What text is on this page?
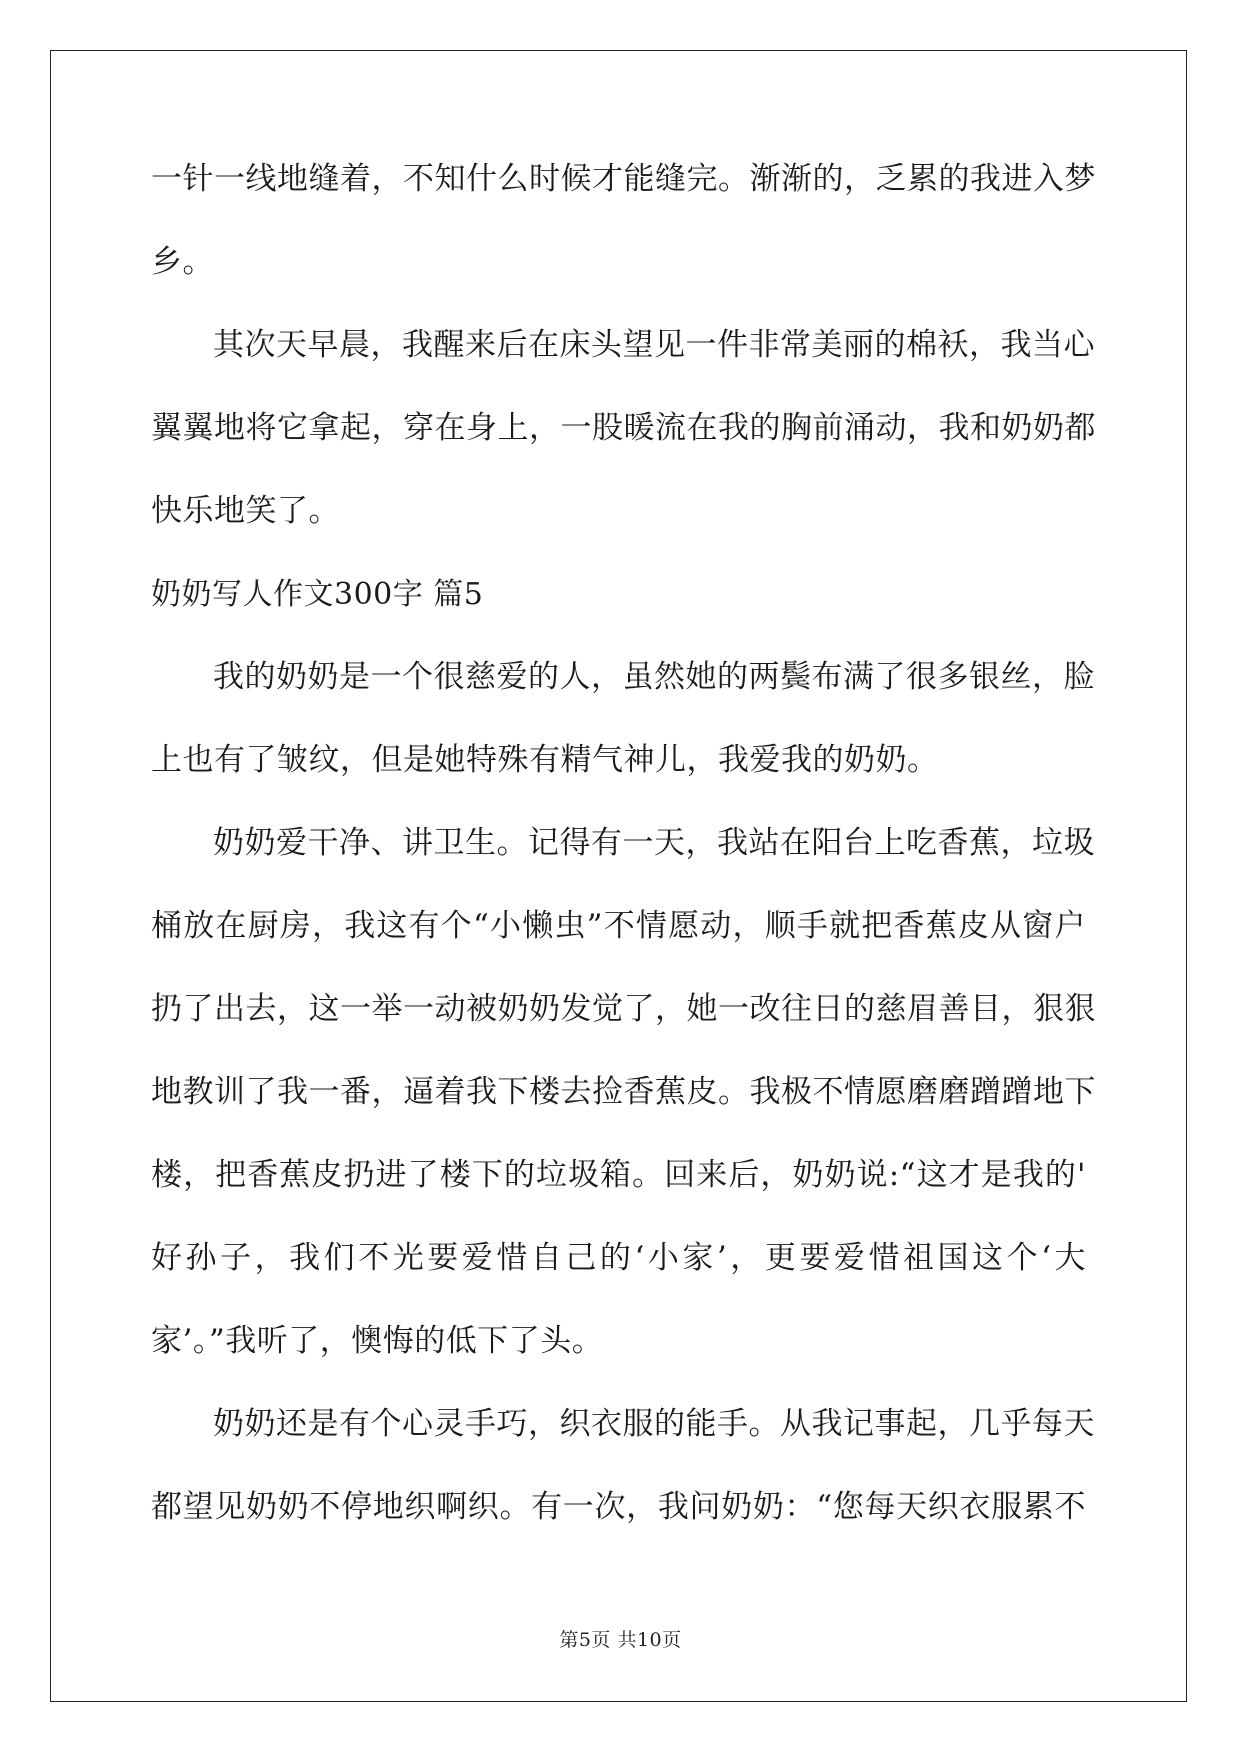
一针一线地缝着，不知什么时候才能缝完。渐渐的，乏累的我进入梦
乡。
其次天早晨，我醒来后在床头望见一件非常美丽的棉袄，我当心
翼翼地将它拿起，穿在身上，一股暖流在我的胸前涌动，我和奶奶都
快乐地笑了。
奶奶写人作文300字 篇5
我的奶奶是一个很慈爱的人，虽然她的两鬓布满了很多银丝，脸
上也有了皱纹，但是她特殊有精气神儿，我爱我的奶奶。
奶奶爱干净、讲卫生。记得有一天，我站在阳台上吃香蕉，垃圾
桶放在厨房，我这有个“小懒虫”不情愿动，顺手就把香蕉皮从窗户
扔了出去，这一举一动被奶奶发觉了，她一改往日的慈眉善目，狠狠
地教训了我一番，逼着我下楼去捡香蕉皮。我极不情愿磨磨蹭蹭地下
楼，把香蕉皮扔进了楼下的垃圾箱。回来后，奶奶说:“这才是我的'
好孙子，我们不光要爱惜自己的‘小家’，更要爱惜祖国这个‘大
家’。”我听了，懊悔的低下了头。
奶奶还是有个心灵手巧，织衣服的能手。从我记事起，几乎每天
都望见奶奶不停地织啊织。有一次，我问奶奶：“您每天织衣服累不
第5页 共10页
